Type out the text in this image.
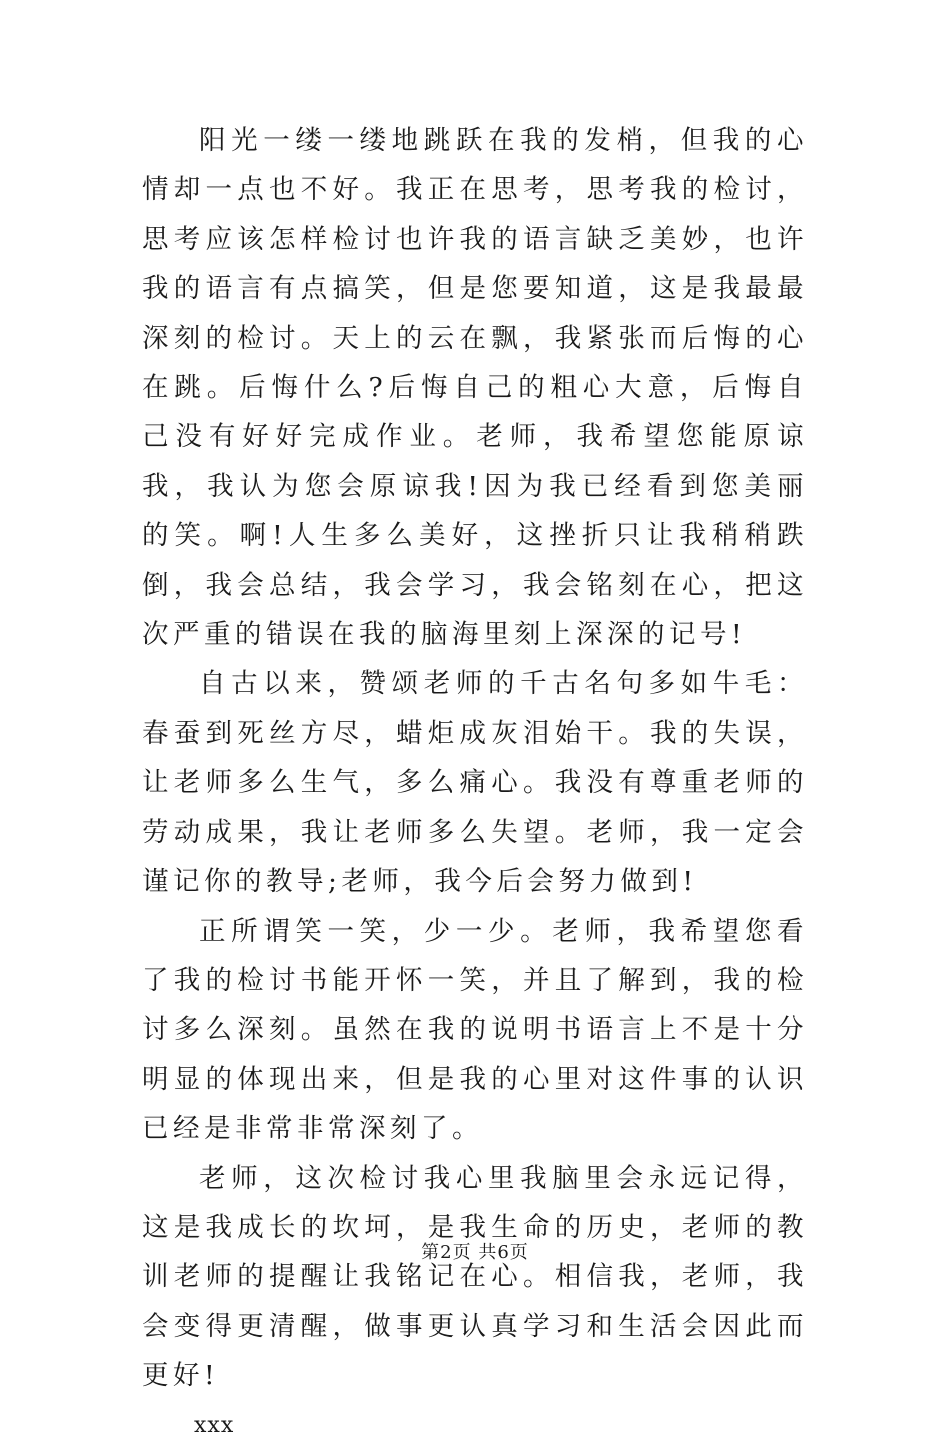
阳光一缕一缕地跳跃在我的发梢，但我的心情却一点也不好。我正在思考，思考我的检讨，思考应该怎样检讨也许我的语言缺乏美妙，也许我的语言有点搞笑，但是您要知道，这是我最最深刻的检讨。天上的云在飘，我紧张而后悔的心在跳。后悔什么?后悔自己的粗心大意，后悔自己没有好好完成作业。老师，我希望您能原谅我，我认为您会原谅我!因为我已经看到您美丽的笑。啊!人生多么美好，这挫折只让我稍稍跌倒，我会总结，我会学习，我会铭刻在心，把这次严重的错误在我的脑海里刻上深深的记号!

自古以来，赞颂老师的千古名句多如牛毛：春蚕到死丝方尽，蜡炬成灰泪始干。我的失误，让老师多么生气，多么痛心。我没有尊重老师的劳动成果，我让老师多么失望。老师，我一定会谨记你的教导;老师，我今后会努力做到!

正所谓笑一笑，少一少。老师，我希望您看了我的检讨书能开怀一笑，并且了解到，我的检讨多么深刻。虽然在我的说明书语言上不是十分明显的体现出来，但是我的心里对这件事的认识已经是非常非常深刻了。

老师，这次检讨我心里我脑里会永远记得，这是我成长的坎坷，是我生命的历史，老师的教训老师的提醒让我铭记在心。相信我，老师，我会变得更清醒，做事更认真学习和生活会因此而更好!

xxx

第2页 共6页
